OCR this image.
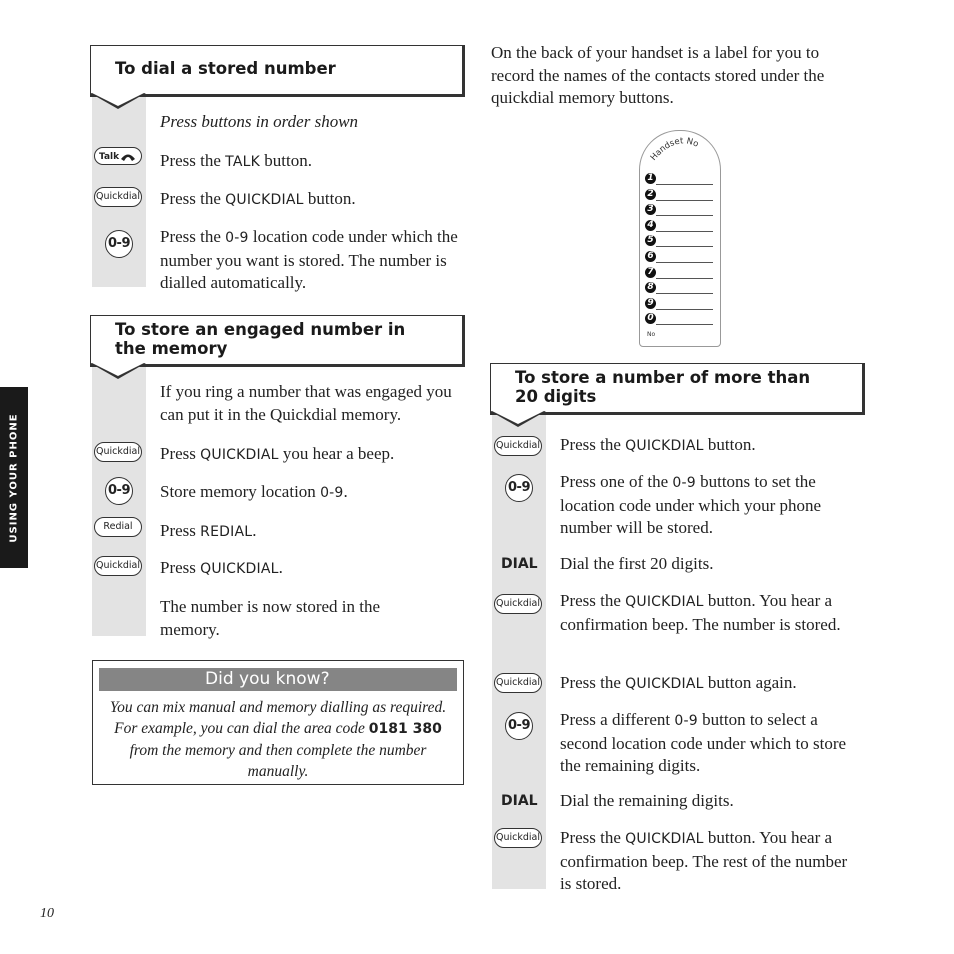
USING YOUR PHONE
To dial a stored number
Press buttons in order shown
Talk	Press the TALK button.
Quickdial Press the QUICKDIAL button.
0-9 Press the 0-9 location code under which the number you want is stored. The number is dialled automatically.
To store an engaged number in
the memory
If you ring a number that was engaged you can put it in the Quickdial memory.
Quickdial Press QUICKDIAL you hear a beep.
0-9 Store memory location 0-9.
Redial	Press REDIAL.
Quickdial Press QUICKDIAL.
The number is now stored in the memory.
Did you know?
You can mix manual and memory dialling as required. For example, you can dial the area code 0181 380 from the memory and then complete the number manually.
On the back of your handset is a label for you to record the names of the contacts stored under the quickdial memory buttons.
Handset No
1
2
3
4
5
6
7
8
9
0
No
To store a number of more than
20 digits
Quickdial Press the QUICKDIAL button.
0-9 Press one of the 0-9 buttons to set the location code under which your phone number will be stored.
DIAL Dial the first 20 digits.
Quickdial Press the QUICKDIAL button. You hear a confirmation beep. The number is stored.
Quickdial Press the QUICKDIAL button again.
0-9 Press a different 0-9 button to select a second location code under which to store the remaining digits.
DIAL Dial the remaining digits.
Quickdial Press the QUICKDIAL button. You hear a confirmation beep. The rest of the number is stored.
10
